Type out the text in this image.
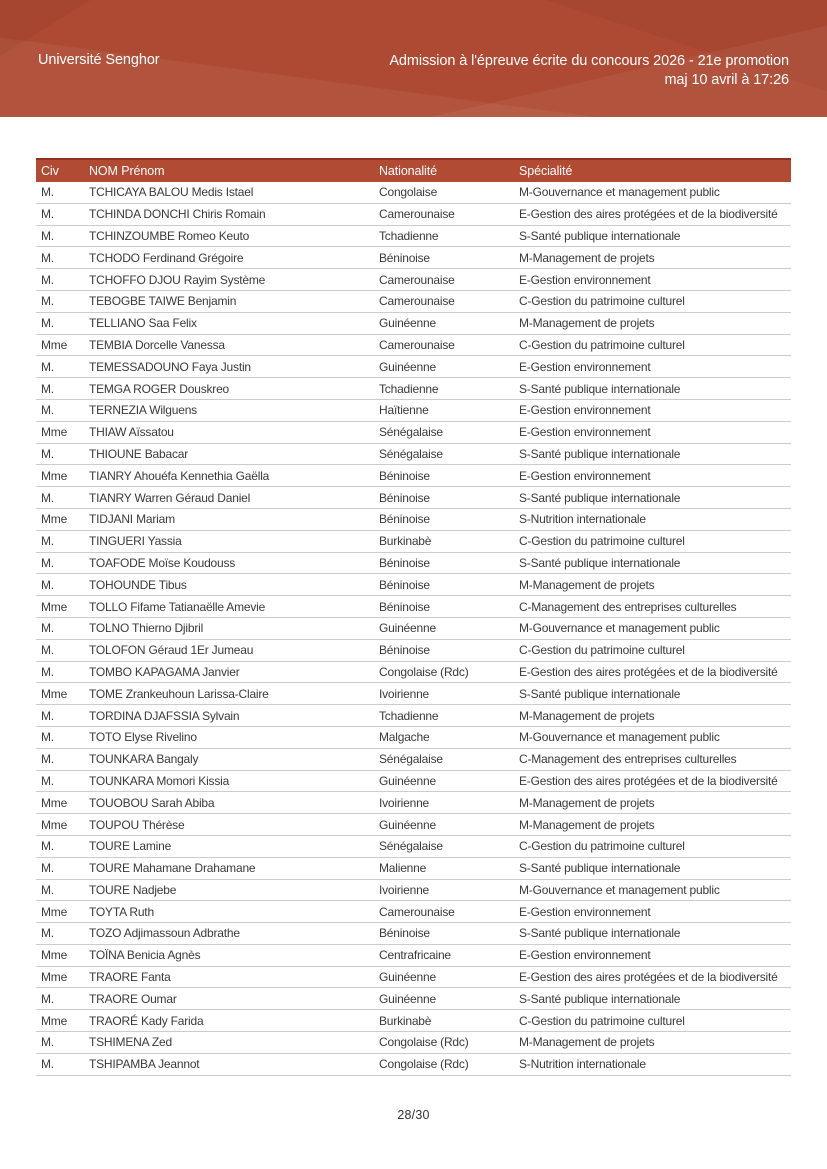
Université Senghor	Admission à l'épreuve écrite du concours 2026 - 21e promotion
maj 10 avril à 17:26
Civ	NOM Prénom	Nationalité	Spécialité
M.	TCHICAYA BALOU Medis Istael	Congolaise	M-Gouvernance et management public
M.	TCHINDA DONCHI Chiris Romain	Camerounaise	E-Gestion des aires protégées et de la biodiversité
M.	TCHINZOUMBE Romeo Keuto	Tchadienne	S-Santé publique internationale
M.	TCHODO Ferdinand Grégoire	Béninoise	M-Management de projets
M.	TCHOFFO DJOU Rayim Système	Camerounaise	E-Gestion environnement
M.	TEBOGBE TAIWE Benjamin	Camerounaise	C-Gestion du patrimoine culturel
M.	TELLIANO Saa Felix	Guinéenne	M-Management de projets
Mme	TEMBIA Dorcelle Vanessa	Camerounaise	C-Gestion du patrimoine culturel
M.	TEMESSADOUNO Faya Justin	Guinéenne	E-Gestion environnement
M.	TEMGA ROGER Douskreo	Tchadienne	S-Santé publique internationale
M.	TERNEZIA Wilguens	Haïtienne	E-Gestion environnement
Mme	THIAW Aïssatou	Sénégalaise	E-Gestion environnement
M.	THIOUNE Babacar	Sénégalaise	S-Santé publique internationale
Mme	TIANRY Ahouéfa Kennethia Gaëlla	Béninoise	E-Gestion environnement
M.	TIANRY Warren Géraud Daniel	Béninoise	S-Santé publique internationale
Mme	TIDJANI Mariam	Béninoise	S-Nutrition internationale
M.	TINGUERI Yassia	Burkinabè	C-Gestion du patrimoine culturel
M.	TOAFODE Moïse Koudouss	Béninoise	S-Santé publique internationale
M.	TOHOUNDE Tibus	Béninoise	M-Management de projets
Mme	TOLLO Fifame Tatianaëlle Amevie	Béninoise	C-Management des entreprises culturelles
M.	TOLNO Thierno Djibril	Guinéenne	M-Gouvernance et management public
M.	TOLOFON Géraud 1Er Jumeau	Béninoise	C-Gestion du patrimoine culturel
M.	TOMBO KAPAGAMA Janvier	Congolaise (Rdc)	E-Gestion des aires protégées et de la biodiversité
Mme	TOME Zrankeuhoun Larissa-Claire	Ivoirienne	S-Santé publique internationale
M.	TORDINA DJAFSSIA Sylvain	Tchadienne	M-Management de projets
M.	TOTO Elyse Rivelino	Malgache	M-Gouvernance et management public
M.	TOUNKARA Bangaly	Sénégalaise	C-Management des entreprises culturelles
M.	TOUNKARA Momori Kissia	Guinéenne	E-Gestion des aires protégées et de la biodiversité
Mme	TOUOBOU Sarah Abiba	Ivoirienne	M-Management de projets
Mme	TOUPOU Thérèse	Guinéenne	M-Management de projets
M.	TOURE Lamine	Sénégalaise	C-Gestion du patrimoine culturel
M.	TOURE Mahamane Drahamane	Malienne	S-Santé publique internationale
M.	TOURE Nadjebe	Ivoirienne	M-Gouvernance et management public
Mme	TOYTA Ruth	Camerounaise	E-Gestion environnement
M.	TOZO Adjimassoun Adbrathe	Béninoise	S-Santé publique internationale
Mme	TOÏNA Benicia Agnès	Centrafricaine	E-Gestion environnement
Mme	TRAORE Fanta	Guinéenne	E-Gestion des aires protégées et de la biodiversité
M.	TRAORE Oumar	Guinéenne	S-Santé publique internationale
Mme	TRAORÉ Kady Farida	Burkinabè	C-Gestion du patrimoine culturel
M.	TSHIMENA Zed	Congolaise (Rdc)	M-Management de projets
M.	TSHIPAMBA Jeannot	Congolaise (Rdc)	S-Nutrition internationale
28/30
